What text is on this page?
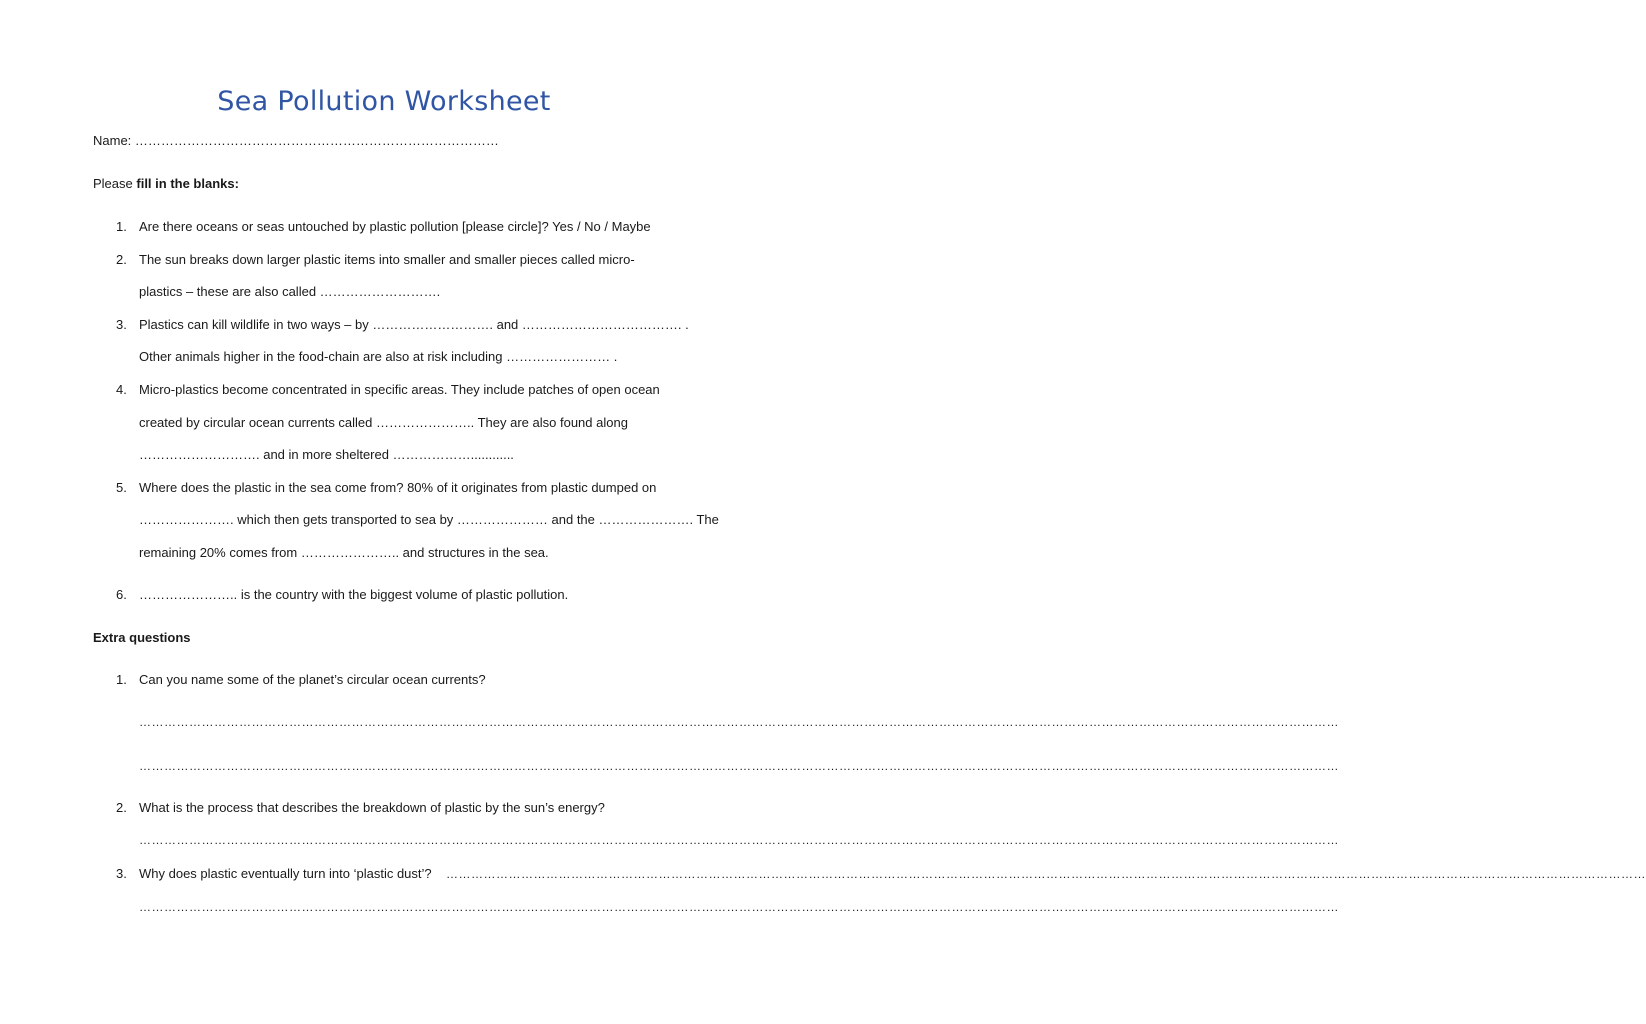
Sea Pollution Worksheet
Name: …………………………………………………………………………
Please fill in the blanks:
1. Are there oceans or seas untouched by plastic pollution [please circle]? Yes / No / Maybe
2. The sun breaks down larger plastic items into smaller and smaller pieces called micro-
plastics – these are also called ……………………….
3. Plastics can kill wildlife in two ways – by ………………………. and ………………………………. .
Other animals higher in the food-chain are also at risk including …………………… .
4. Micro-plastics become concentrated in specific areas. They include patches of open ocean
created by circular ocean currents called ………………….. They are also found along
………………………. and in more sheltered ………………............
5. Where does the plastic in the sea come from? 80% of it originates from plastic dumped on
…………………. which then gets transported to sea by ………………… and the …………………. The
remaining 20% comes from ………………….. and structures in the sea.
6. ………………….. is the country with the biggest volume of plastic pollution.
Extra questions
1. Can you name some of the planet’s circular ocean currents?
………………………………………………………………………………………………………………………………………………………………………………………………………………………………………………………………
………………………………………………………………………………………………………………………………………………………………………………………………………………………………………………………………
2. What is the process that describes the breakdown of plastic by the sun’s energy?
………………………………………………………………………………………………………………………………………………………………………………………………………………………………………………………………
3. Why does plastic eventually turn into ‘plastic dust’? ………………………………………………………………………………………………………………………………………………………………………………………………………………………………………………………………
………………………………………………………………………………………………………………………………………………………………………………………………………………………………………………………………
